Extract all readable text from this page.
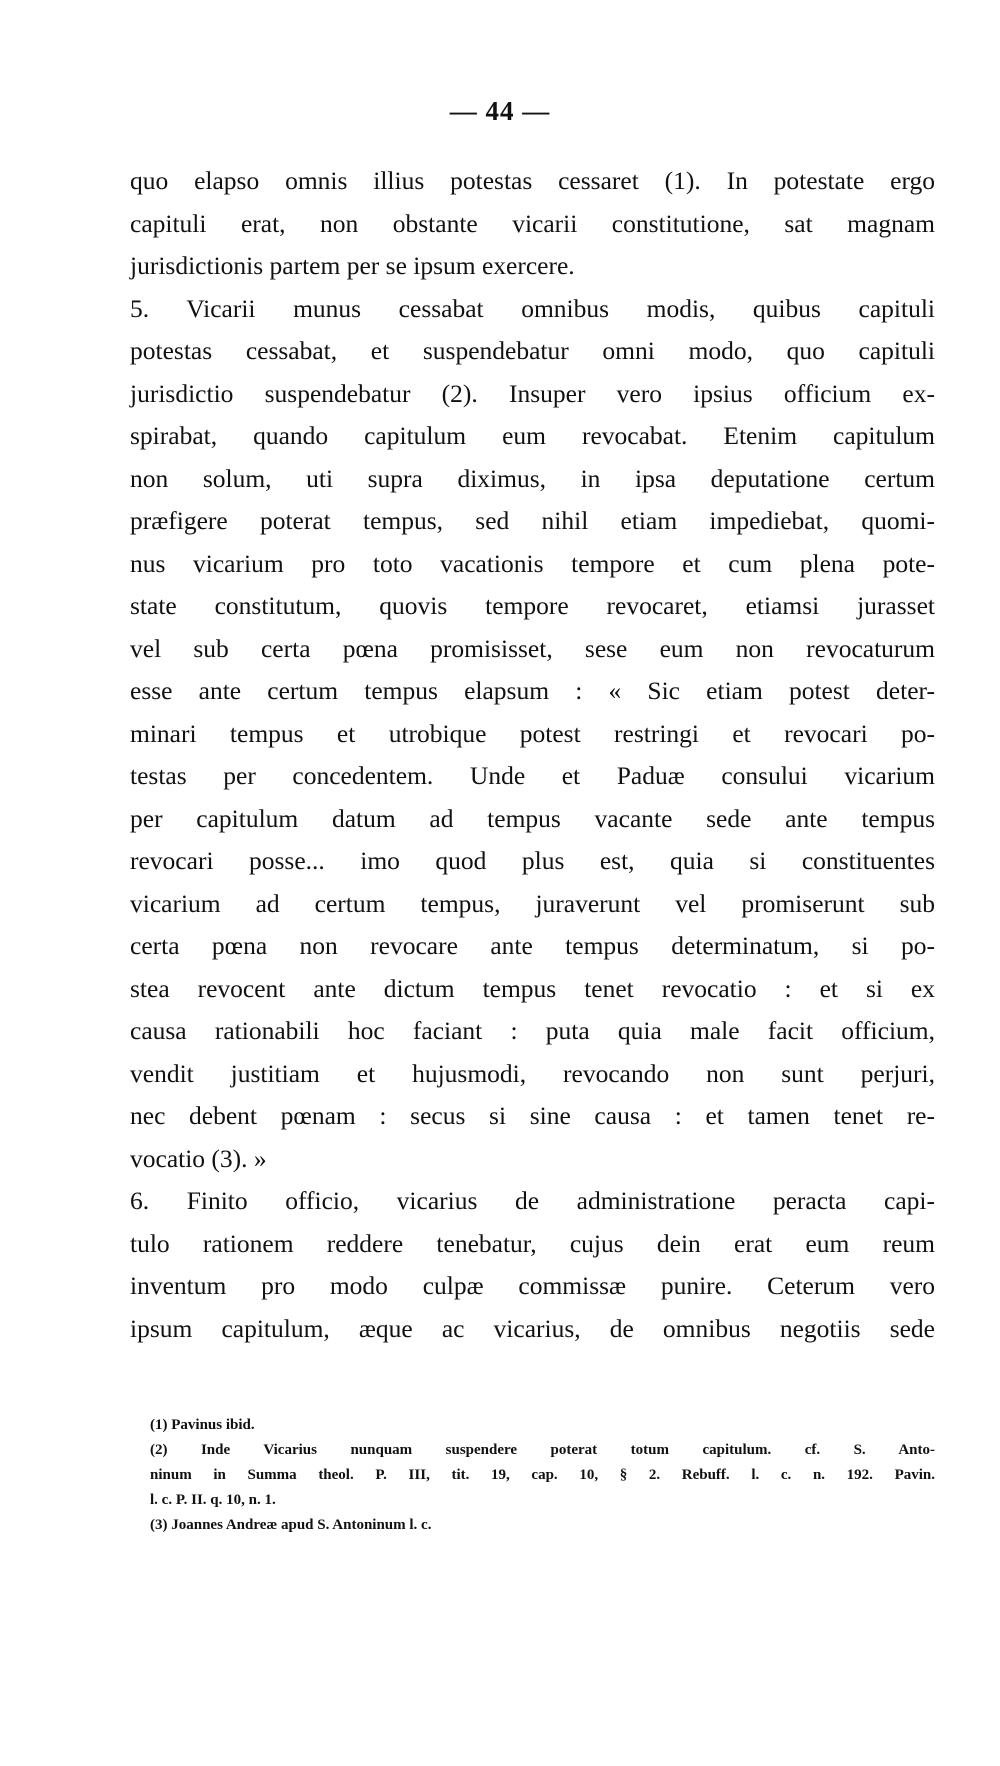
— 44 —
quo elapso omnis illius potestas cessaret (1). In potestate ergo
capituli erat, non obstante vicarii constitutione, sat magnam
jurisdictionis partem per se ipsum exercere.
5. Vicarii munus cessabat omnibus modis, quibus capituli
potestas cessabat, et suspendebatur omni modo, quo capituli
jurisdictio suspendebatur (2). Insuper vero ipsius officium ex-
spirabat, quando capitulum eum revocabat. Etenim capitulum
non solum, uti supra diximus, in ipsa deputatione certum
præfigere poterat tempus, sed nihil etiam impediebat, quomi-
nus vicarium pro toto vacationis tempore et cum plena pote-
state constitutum, quovis tempore revocaret, etiamsi jurasset
vel sub certa pœna promisisset, sese eum non revocaturum
esse ante certum tempus elapsum : « Sic etiam potest deter-
minari tempus et utrobique potest restringi et revocari po-
testas per concedentem. Unde et Paduæ consului vicarium
per capitulum datum ad tempus vacante sede ante tempus
revocari posse... imo quod plus est, quia si constituentes
vicarium ad certum tempus, juraverunt vel promiserunt sub
certa pœna non revocare ante tempus determinatum, si po-
stea revocent ante dictum tempus tenet revocatio : et si ex
causa rationabili hoc faciant : puta quia male facit officium,
vendit justitiam et hujusmodi, revocando non sunt perjuri,
nec debent pœnam : secus si sine causa : et tamen tenet re-
vocatio (3). »
6. Finito officio, vicarius de administratione peracta capi-
tulo rationem reddere tenebatur, cujus dein erat eum reum
inventum pro modo culpæ commissæ punire. Ceterum vero
ipsum capitulum, æque ac vicarius, de omnibus negotiis sede
(1) Pavinus ibid.
(2) Inde Vicarius nunquam suspendere poterat totum capitulum. cf. S. Anto-
ninum in Summa theol. P. III, tit. 19, cap. 10, § 2. Rebuff. l. c. n. 192. Pavin.
l. c. P. II. q. 10, n. 1.
(3) Joannes Andreæ apud S. Antoninum l. c.
